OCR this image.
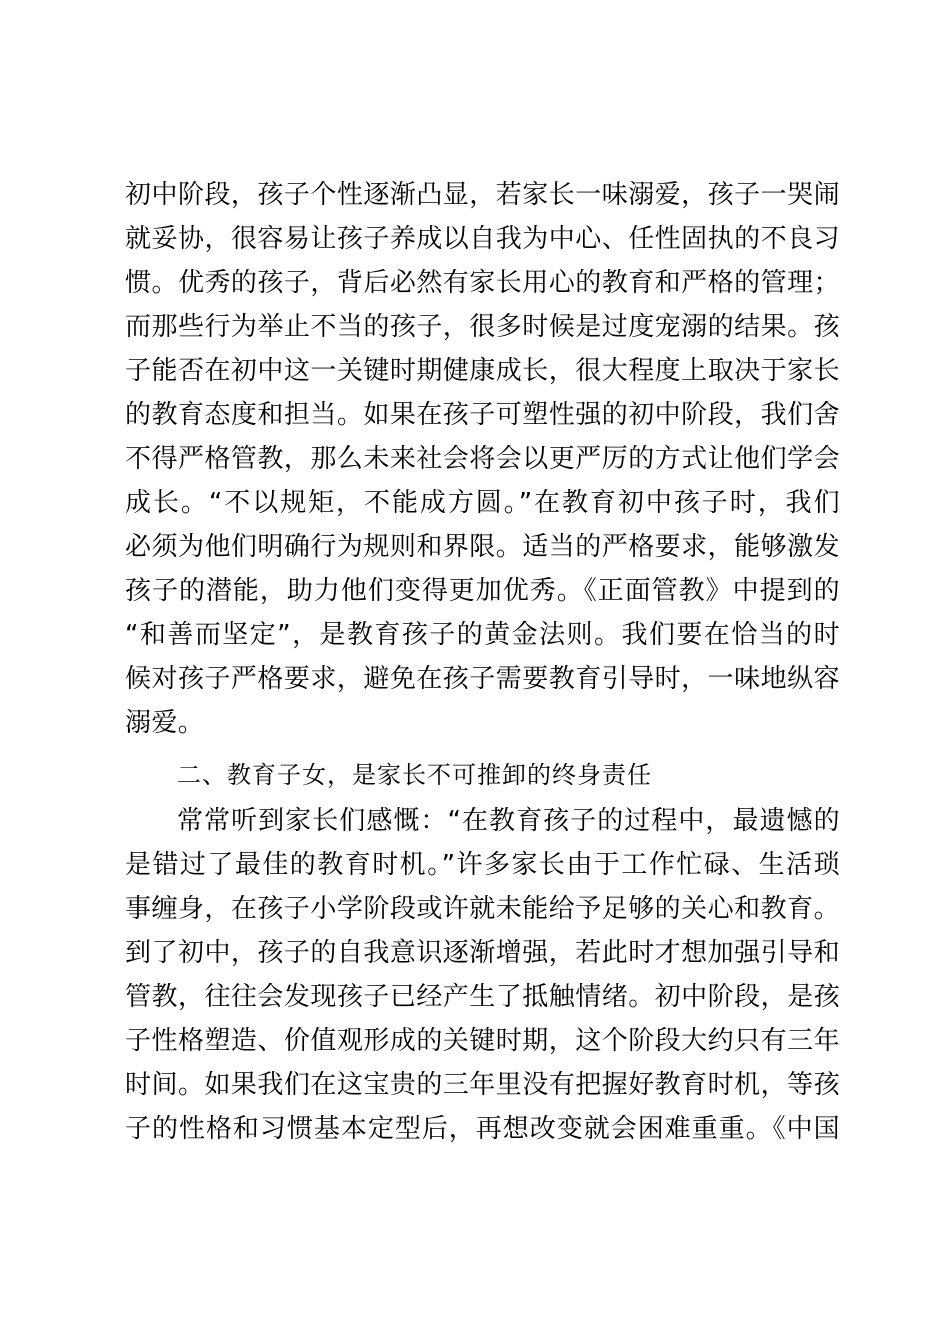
初中阶段，孩子个性逐渐凸显，若家长一味溺爱，孩子一哭闹
就妥协，很容易让孩子养成以自我为中心、任性固执的不良习
惯。优秀的孩子，背后必然有家长用心的教育和严格的管理；
而那些行为举止不当的孩子，很多时候是过度宠溺的结果。孩
子能否在初中这一关键时期健康成长，很大程度上取决于家长
的教育态度和担当。如果在孩子可塑性强的初中阶段，我们舍
不得严格管教，那么未来社会将会以更严厉的方式让他们学会
成长。“不以规矩，不能成方圆。”在教育初中孩子时，我们
必须为他们明确行为规则和界限。适当的严格要求，能够激发
孩子的潜能，助力他们变得更加优秀。《正面管教》中提到的
“和善而坚定”，是教育孩子的黄金法则。我们要在恰当的时
候对孩子严格要求，避免在孩子需要教育引导时，一味地纵容
溺爱。
二、教育子女，是家长不可推卸的终身责任
常常听到家长们感慨：“在教育孩子的过程中，最遗憾的
是错过了最佳的教育时机。”许多家长由于工作忙碌、生活琐
事缠身，在孩子小学阶段或许就未能给予足够的关心和教育。
到了初中，孩子的自我意识逐渐增强，若此时才想加强引导和
管教，往往会发现孩子已经产生了抵触情绪。初中阶段，是孩
子性格塑造、价值观形成的关键时期，这个阶段大约只有三年
时间。如果我们在这宝贵的三年里没有把握好教育时机，等孩
子的性格和习惯基本定型后，再想改变就会困难重重。《中国
